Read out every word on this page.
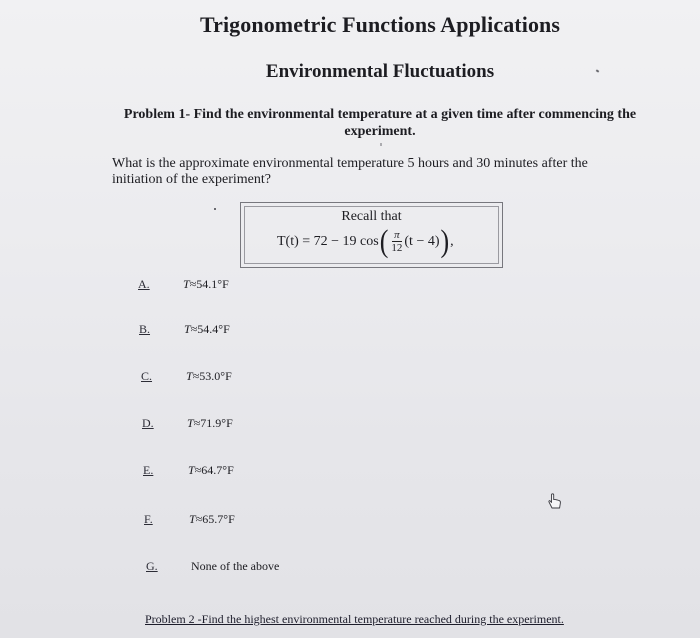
Trigonometric Functions Applications
Environmental Fluctuations
Problem 1- Find the environmental temperature at a given time after commencing the experiment.
What is the approximate environmental temperature 5 hours and 30 minutes after the initiation of the experiment?
Recall that
T(t) = 72 − 19 cos ( $\frac{\pi}{12} (t - 4)$ ) ,
A.	T≈54.1°F
B.	T≈54.4°F
C.	T≈53.0°F
D.	T≈71.9°F
E.	T≈64.7°F
F.	T≈65.7°F
G.	None of the above
Problem 2 -Find the highest environmental temperature reached during the experiment.
